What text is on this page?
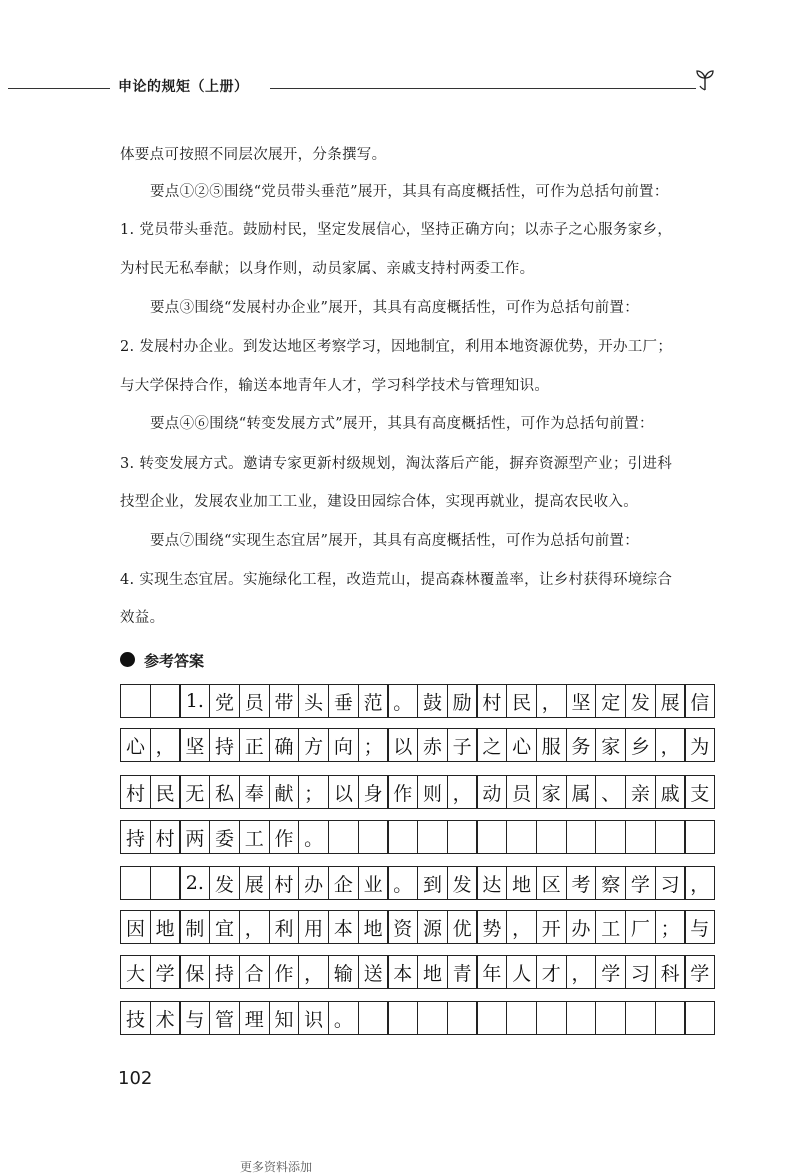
申论的规矩（上册）
体要点可按照不同层次展开，分条撰写。
要点①②⑤围绕“党员带头垂范”展开，其具有高度概括性，可作为总括句前置：
1. 党员带头垂范。鼓励村民，坚定发展信心，坚持正确方向；以赤子之心服务家乡，
为村民无私奉献；以身作则，动员家属、亲戚支持村两委工作。
要点③围绕“发展村办企业”展开，其具有高度概括性，可作为总括句前置：
2. 发展村办企业。到发达地区考察学习，因地制宜，利用本地资源优势，开办工厂；
与大学保持合作，输送本地青年人才，学习科学技术与管理知识。
要点④⑥围绕“转变发展方式”展开，其具有高度概括性，可作为总括句前置：
3. 转变发展方式。邀请专家更新村级规划，淘汰落后产能，摒弃资源型产业；引进科
技型企业，发展农业加工工业，建设田园综合体，实现再就业，提高农民收入。
要点⑦围绕“实现生态宜居”展开，其具有高度概括性，可作为总括句前置：
4. 实现生态宜居。实施绿化工程，改造荒山，提高森林覆盖率，让乡村获得环境综合
效益。
参考答案
1. 党 员 带 头 垂 范 。 鼓 励 村 民 ， 坚 定 发 展 信
心 ， 坚 持 正 确 方 向 ； 以 赤 子 之 心 服 务 家 乡 ， 为
村 民 无 私 奉 献 ； 以 身 作 则 ， 动 员 家 属 、 亲 戚 支
持 村 两 委 工 作 。
2. 发 展 村 办 企 业 。 到 发 达 地 区 考 察 学 习 ，
因 地 制 宜 ， 利 用 本 地 资 源 优 势 ， 开 办 工 厂 ； 与
大 学 保 持 合 作 ， 输 送 本 地 青 年 人 才 ， 学 习 科 学
技 术 与 管 理 知 识 。
102
更多资料添加
